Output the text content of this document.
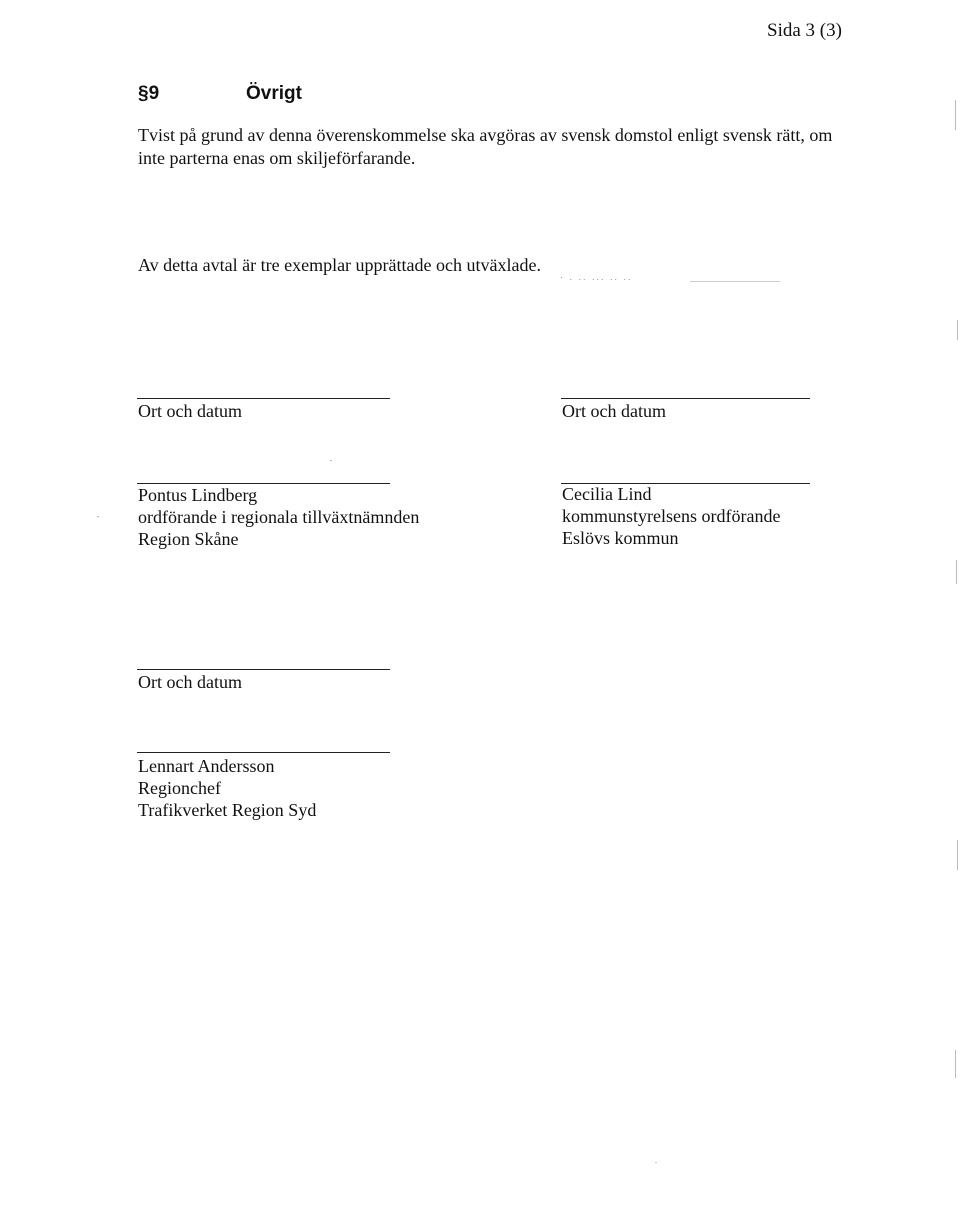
Sida 3 (3)
§9	Övrigt
Tvist på grund av denna överenskommelse ska avgöras av svensk domstol enligt svensk rätt, om
inte parterna enas om skiljeförfarande.
Av detta avtal är tre exemplar upprättade och utväxlade.
· . .. ... .. ..
Ort och datum	Ort och datum
Pontus Lindberg
ordförande i regionala tillväxtnämnden
Region Skåne
Cecilia Lind
kommunstyrelsens ordförande
Eslövs kommun
Ort och datum
Lennart Andersson
Regionchef
Trafikverket Region Syd
